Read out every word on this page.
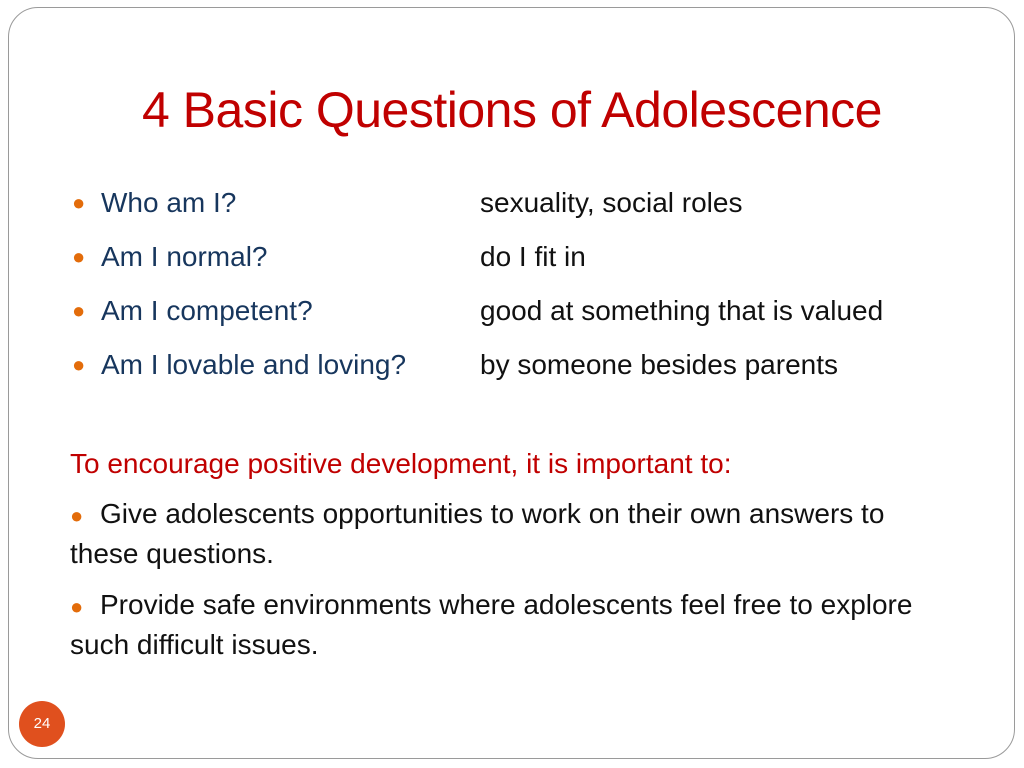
4 Basic Questions of Adolescence
● Who am I?	sexuality, social roles
● Am I normal?	do I fit in
● Am I competent?	good at something that is valued
● Am I lovable and loving?	by someone besides parents
To encourage positive development, it is important to:
● Give adolescents opportunities to work on their own answers to these questions.
● Provide safe environments where adolescents feel free to explore such difficult issues.
24
